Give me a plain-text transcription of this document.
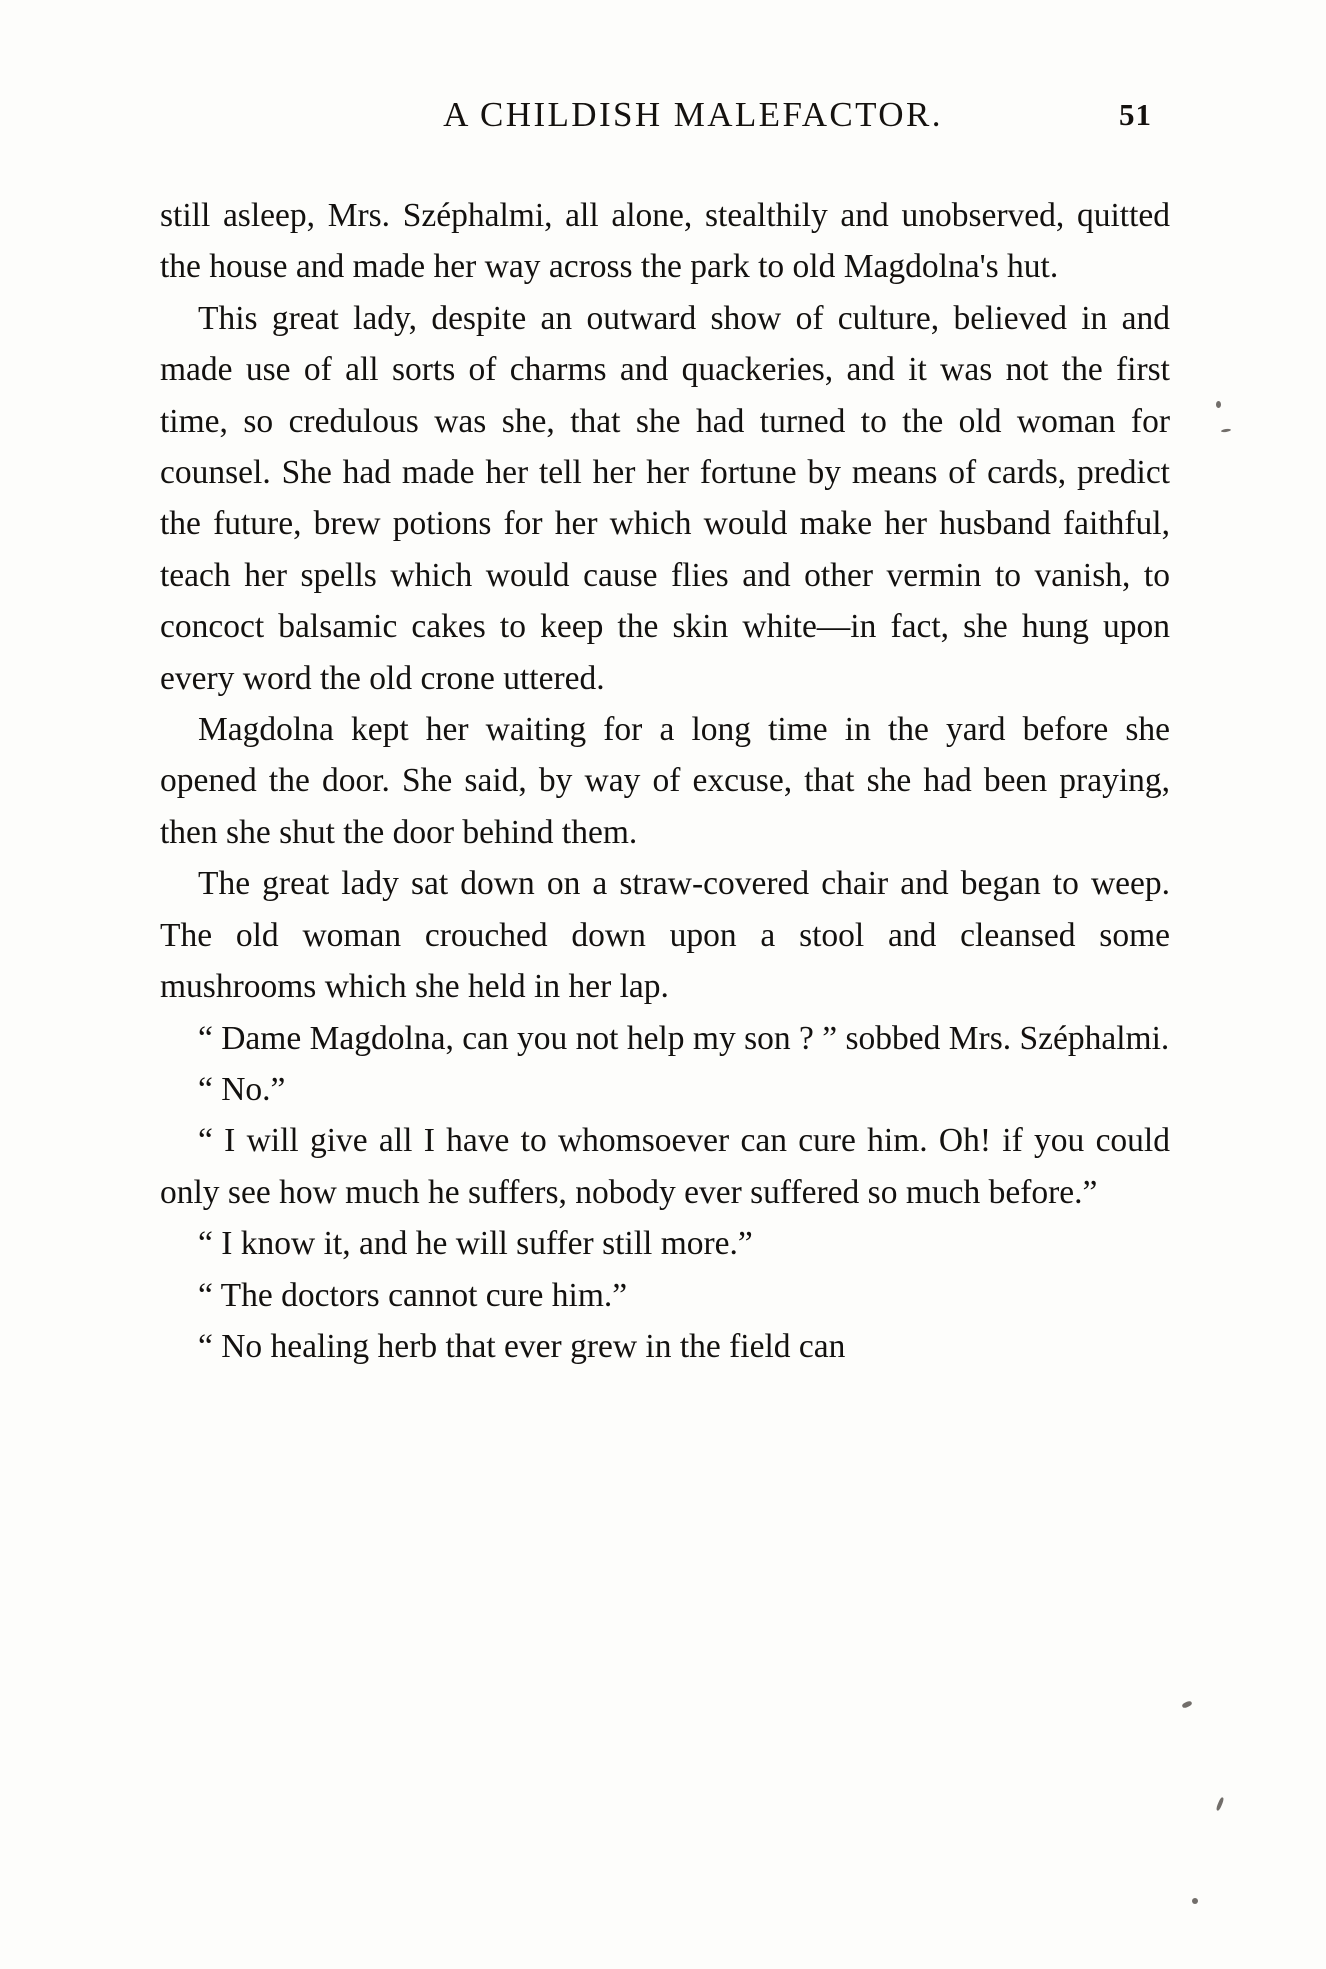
A CHILDISH MALEFACTOR.	51

still asleep, Mrs. Széphalmi, all alone, stealthily and unobserved, quitted the house and made her way across the park to old Magdolna's hut.

This great lady, despite an outward show of culture, believed in and made use of all sorts of charms and quackeries, and it was not the first time, so credulous was she, that she had turned to the old woman for counsel. She had made her tell her her fortune by means of cards, predict the future, brew potions for her which would make her husband faithful, teach her spells which would cause flies and other vermin to vanish, to concoct balsamic cakes to keep the skin white—in fact, she hung upon every word the old crone uttered.

Magdolna kept her waiting for a long time in the yard before she opened the door. She said, by way of excuse, that she had been praying, then she shut the door behind them.

The great lady sat down on a straw-covered chair and began to weep. The old woman crouched down upon a stool and cleansed some mushrooms which she held in her lap.

“ Dame Magdolna, can you not help my son ? ” sobbed Mrs. Széphalmi.

“ No.”

“ I will give all I have to whomsoever can cure him. Oh! if you could only see how much he suffers, nobody ever suffered so much before.”

“ I know it, and he will suffer still more.”

“ The doctors cannot cure him.”

“ No healing herb that ever grew in the field can
